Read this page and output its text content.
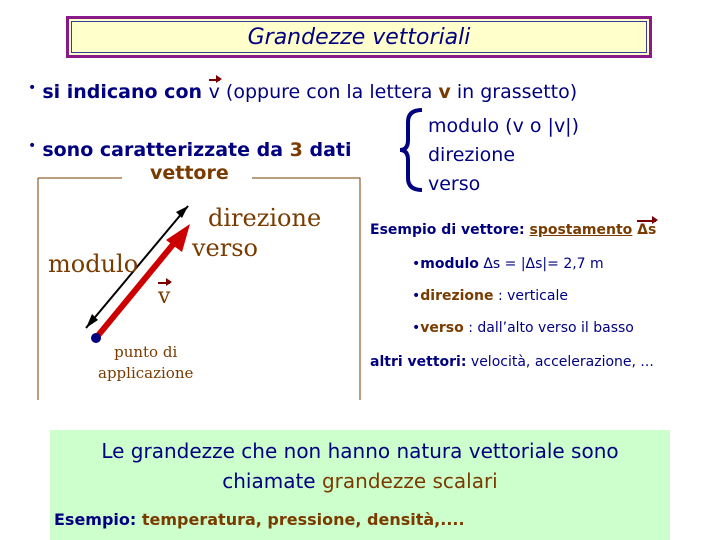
Grandezze vettoriali
• si indicano con v (oppure con la lettera v in grassetto)
• sono caratterizzate da 3 dati
modulo (v o |v|)
direzione
verso
vettore
direzione
verso
modulo
v
punto di
applicazione
Esempio di vettore: spostamento Δs
•modulo Δs = |Δs|= 2,7 m
•direzione : verticale
•verso : dall’alto verso il basso
altri vettori: velocità, accelerazione, ...
Le grandezze che non hanno natura vettoriale sono
chiamate grandezze scalari
Esempio: temperatura, pressione, densità,....
